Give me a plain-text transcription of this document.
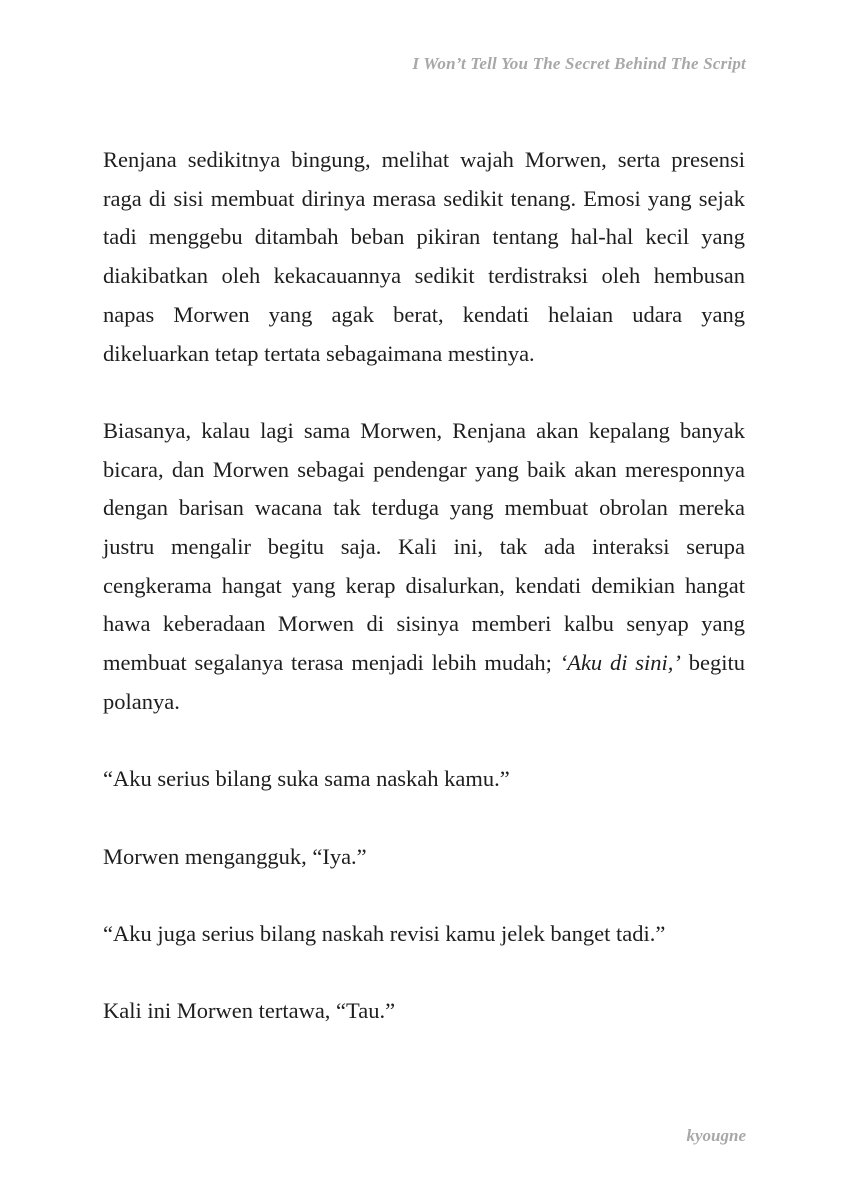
I Won’t Tell You The Secret Behind The Script

Renjana sedikitnya bingung, melihat wajah Morwen, serta presensi raga di sisi membuat dirinya merasa sedikit tenang. Emosi yang sejak tadi menggebu ditambah beban pikiran tentang hal-hal kecil yang diakibatkan oleh kekacauannya sedikit terdistraksi oleh hembusan napas Morwen yang agak berat, kendati helaian udara yang dikeluarkan tetap tertata sebagaimana mestinya.

Biasanya, kalau lagi sama Morwen, Renjana akan kepalang banyak bicara, dan Morwen sebagai pendengar yang baik akan meresponnya dengan barisan wacana tak terduga yang membuat obrolan mereka justru mengalir begitu saja. Kali ini, tak ada interaksi serupa cengkerama hangat yang kerap disalurkan, kendati demikian hangat hawa keberadaan Morwen di sisinya memberi kalbu senyap yang membuat segalanya terasa menjadi lebih mudah; ‘Aku di sini,’ begitu polanya.

“Aku serius bilang suka sama naskah kamu.”

Morwen mengangguk, “Iya.”

“Aku juga serius bilang naskah revisi kamu jelek banget tadi.”

Kali ini Morwen tertawa, “Tau.”

kyougne
